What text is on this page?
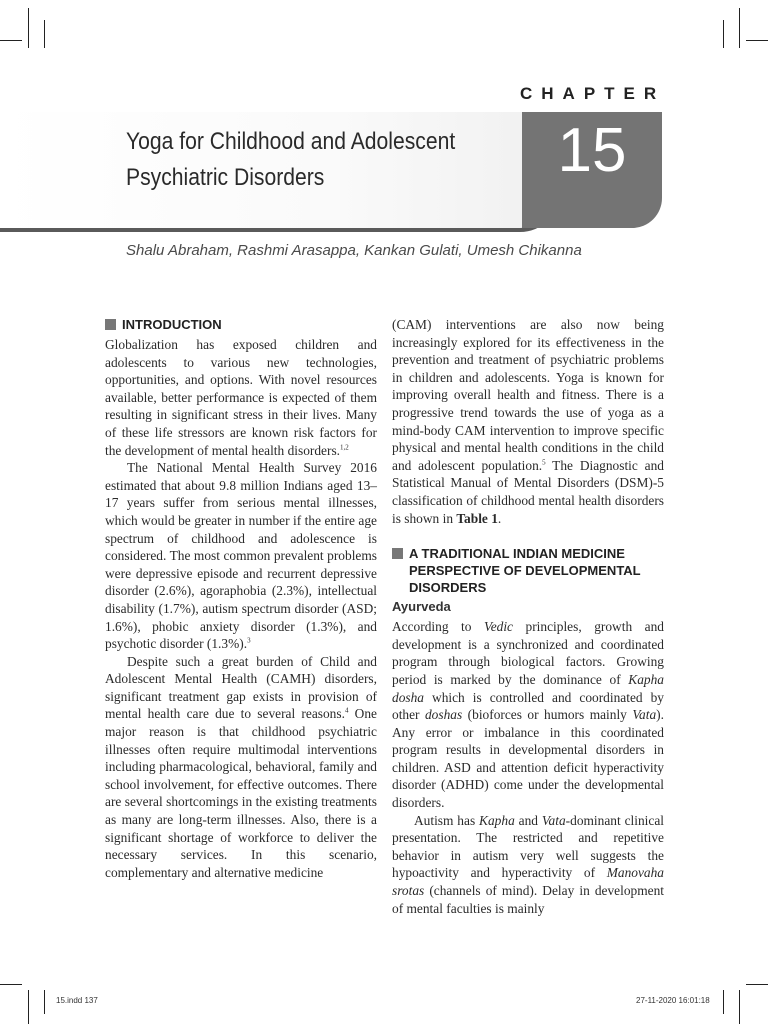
CHAPTER
15
Yoga for Childhood and Adolescent
Psychiatric Disorders
Shalu Abraham, Rashmi Arasappa, Kankan Gulati, Umesh Chikanna
INTRODUCTION

Globalization has exposed children and adolescents to various new technologies, opportunities, and options. With novel resources available, better performance is expected of them resulting in significant stress in their lives. Many of these life stressors are known risk factors for the development of mental health disorders.$^{1,2}$

The National Mental Health Survey 2016 estimated that about 9.8 million Indians aged 13–17 years suffer from serious mental illnesses, which would be greater in number if the entire age spectrum of childhood and adolescence is considered. The most common prevalent problems were depressive episode and recurrent depressive disorder (2.6%), agoraphobia (2.3%), intellectual disability (1.7%), autism spectrum disorder (ASD; 1.6%), phobic anxiety disorder (1.3%), and psychotic disorder (1.3%).$^3$

Despite such a great burden of Child and Adolescent Mental Health (CAMH) disorders, significant treatment gap exists in provision of mental health care due to several reasons.$^4$ One major reason is that childhood psychiatric illnesses often require multimodal interventions including pharmacological, behavioral, family and school involvement, for effective outcomes. There are several shortcomings in the existing treatments as many are long-term illnesses. Also, there is a significant shortage of workforce to deliver the necessary services. In this scenario, complementary and alternative medicine

(CAM) interventions are also now being increasingly explored for its effectiveness in the prevention and treatment of psychiatric problems in children and adolescents. Yoga is known for improving overall health and fitness. There is a progressive trend towards the use of yoga as a mind-body CAM intervention to improve specific physical and mental health conditions in the child and adolescent population.$^5$ The Diagnostic and Statistical Manual of Mental Disorders (DSM)-5 classification of childhood mental health disorders is shown in Table 1.

A TRADITIONAL INDIAN MEDICINE PERSPECTIVE OF DEVELOPMENTAL DISORDERS
Ayurveda

According to Vedic principles, growth and development is a synchronized and coordinated program through biological factors. Growing period is marked by the dominance of Kapha dosha which is controlled and coordinated by other doshas (bioforces or humors mainly Vata). Any error or imbalance in this coordinated program results in developmental disorders in children. ASD and attention deficit hyperactivity disorder (ADHD) come under the developmental disorders.

Autism has Kapha and Vata-dominant clinical presentation. The restricted and repetitive behavior in autism very well suggests the hypoactivity and hyperactivity of Manovaha srotas (channels of mind). Delay in development of mental faculties is mainly

15.indd 137	27-11-2020 16:01:18
